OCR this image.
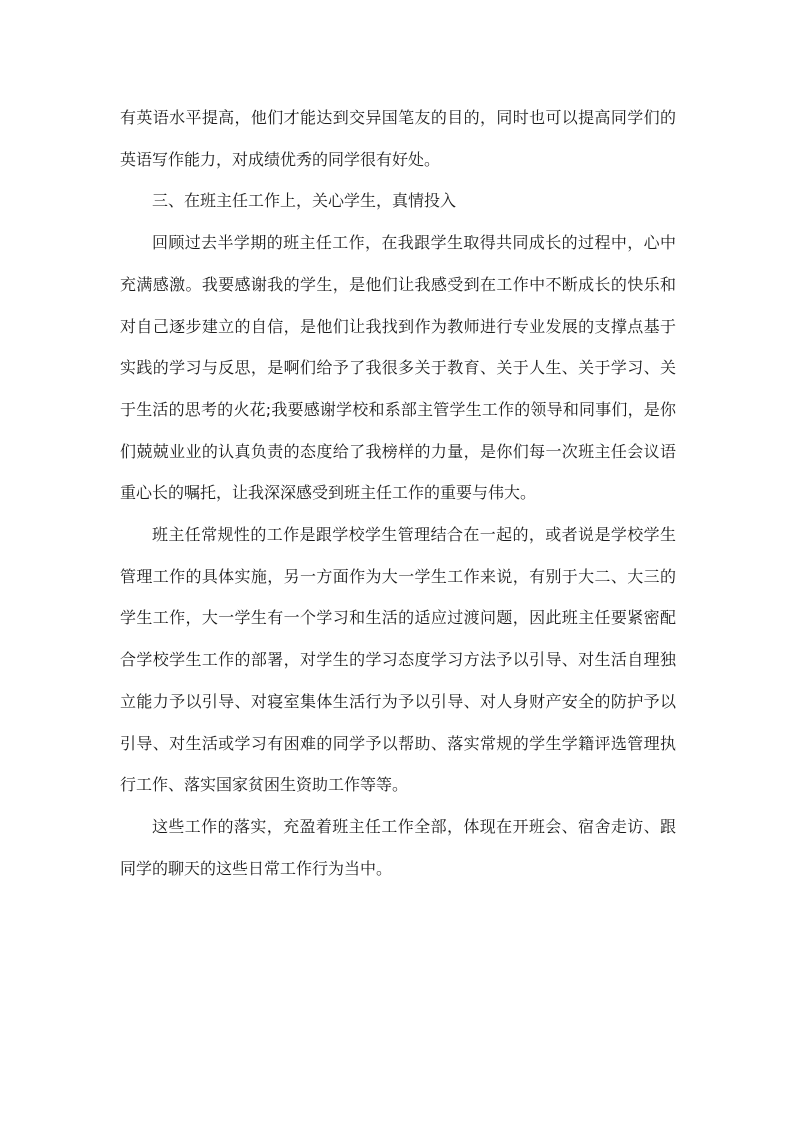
有英语水平提高，他们才能达到交异国笔友的目的，同时也可以提高同学们的英语写作能力，对成绩优秀的同学很有好处。

三、在班主任工作上，关心学生，真情投入

回顾过去半学期的班主任工作，在我跟学生取得共同成长的过程中，心中充满感激。我要感谢我的学生，是他们让我感受到在工作中不断成长的快乐和对自己逐步建立的自信，是他们让我找到作为教师进行专业发展的支撑点基于实践的学习与反思，是啊们给予了我很多关于教育、关于人生、关于学习、关于生活的思考的火花;我要感谢学校和系部主管学生工作的领导和同事们，是你们兢兢业业的认真负责的态度给了我榜样的力量，是你们每一次班主任会议语重心长的嘱托，让我深深感受到班主任工作的重要与伟大。

班主任常规性的工作是跟学校学生管理结合在一起的，或者说是学校学生管理工作的具体实施，另一方面作为大一学生工作来说，有别于大二、大三的学生工作，大一学生有一个学习和生活的适应过渡问题，因此班主任要紧密配合学校学生工作的部署，对学生的学习态度学习方法予以引导、对生活自理独立能力予以引导、对寝室集体生活行为予以引导、对人身财产安全的防护予以引导、对生活或学习有困难的同学予以帮助、落实常规的学生学籍评选管理执行工作、落实国家贫困生资助工作等等。

这些工作的落实，充盈着班主任工作全部，体现在开班会、宿舍走访、跟同学的聊天的这些日常工作行为当中。
